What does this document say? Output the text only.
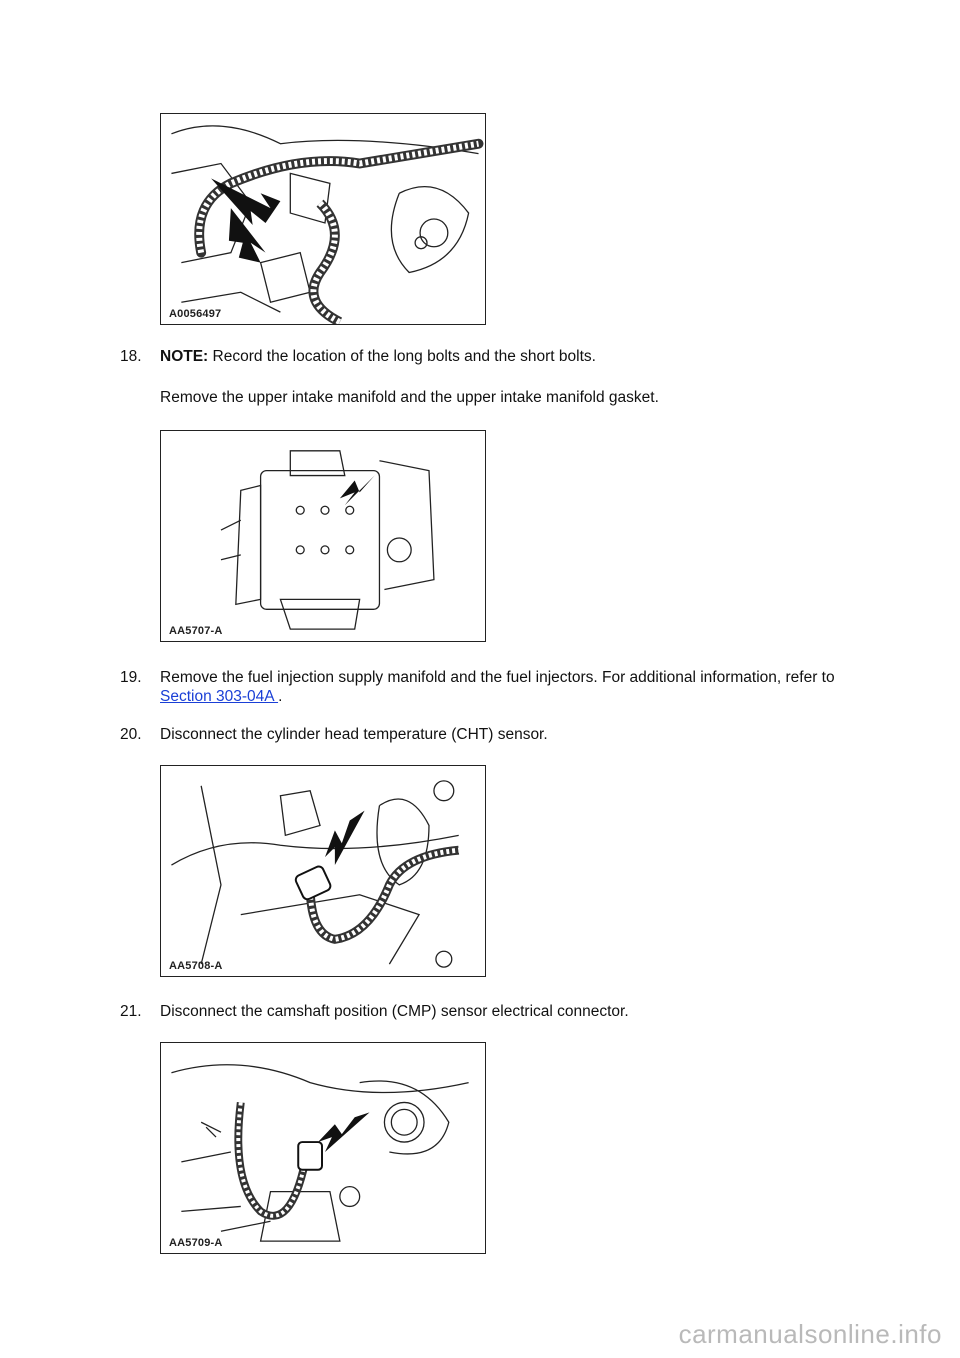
A0056497
18.	NOTE: Record the location of the long bolts and the short bolts.
Remove the upper intake manifold and the upper intake manifold gasket.
AA5707-A
19.	Remove the fuel injection supply manifold and the fuel injectors. For additional information, refer to Section 303-04A .
20.	Disconnect the cylinder head temperature (CHT) sensor.
AA5708-A
21.	Disconnect the camshaft position (CMP) sensor electrical connector.
AA5709-A
carmanualsonline.info
